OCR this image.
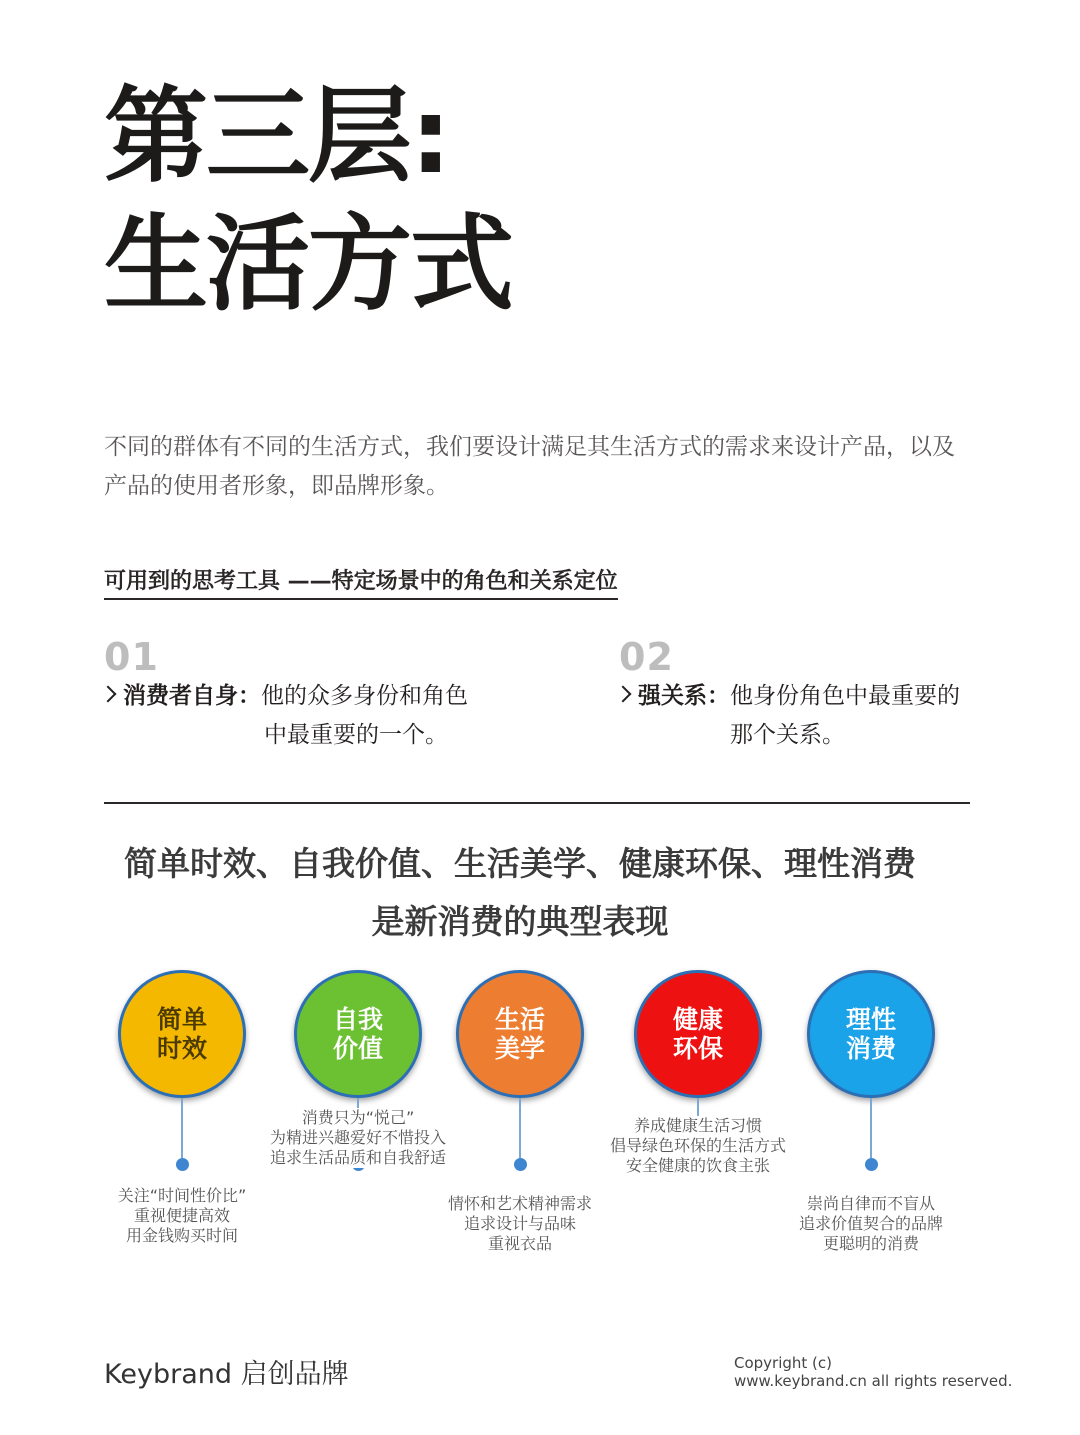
第三层:
生活方式

不同的群体有不同的生活方式，我们要设计满足其生活方式的需求来设计产品，以及

产品的使用者形象，即品牌形象。

可用到的思考工具 ——特定场景中的角色和关系定位
01
消费者自身：他的众多身份和角色
中最重要的一个。
02
强关系：他身份角色中最重要的
那个关系。
简单时效、自我价值、生活美学、健康环保、理性消费
是新消费的典型表现
简单
时效
关注“时间性价比”
重视便捷高效
用金钱购买时间
自我
价值
消费只为“悦己”
为精进兴趣爱好不惜投入
追求生活品质和自我舒适
生活
美学
情怀和艺术精神需求
追求设计与品味
重视衣品
健康
环保
养成健康生活习惯
倡导绿色环保的生活方式
安全健康的饮食主张
理性
消费
崇尚自律而不盲从
追求价值契合的品牌
更聪明的消费
Keybrand 启创品牌	Copyright (c)
www.keybrand.cn all rights reserved.
